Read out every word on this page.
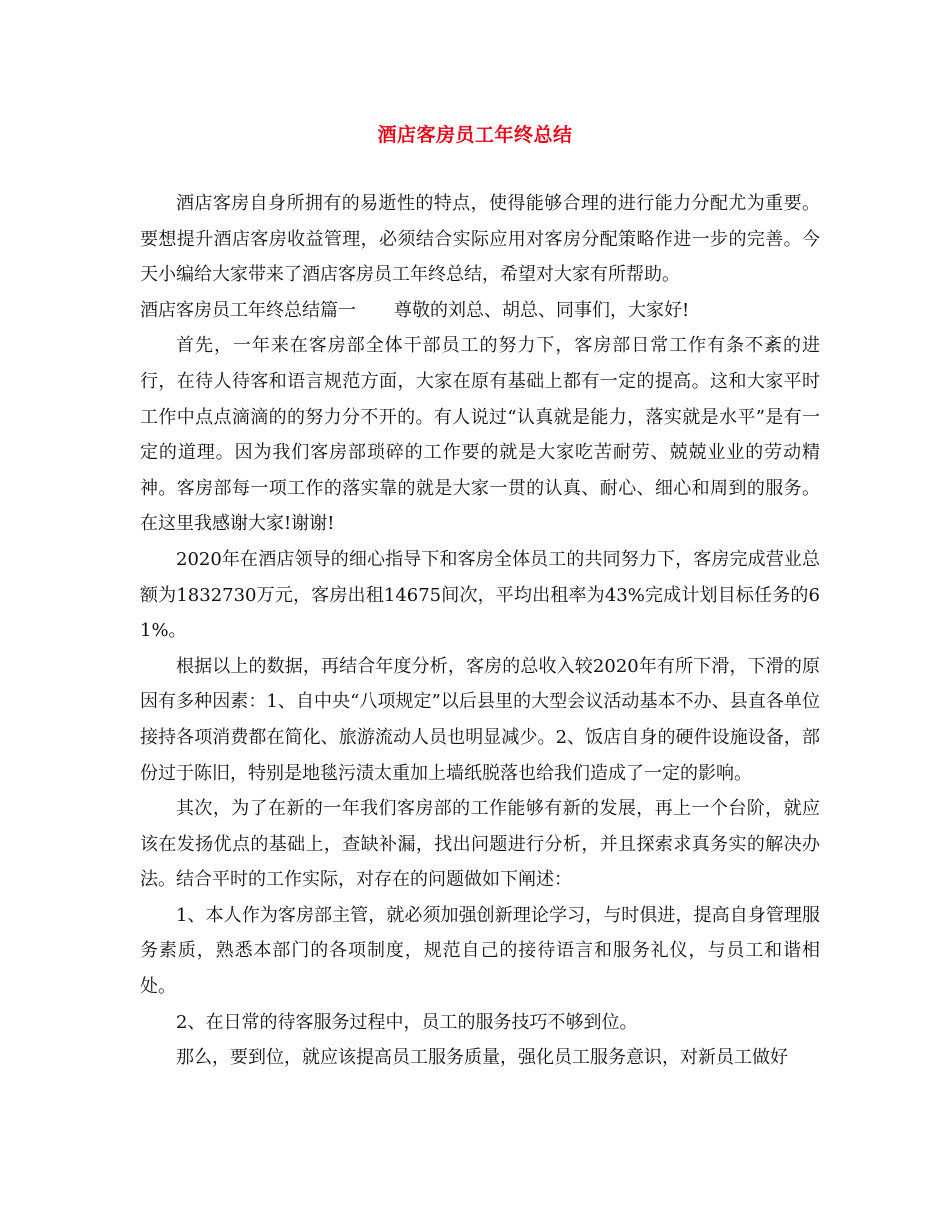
酒店客房员工年终总结

酒店客房自身所拥有的易逝性的特点，使得能够合理的进行能力分配尤为重要。要想提升酒店客房收益管理，必须结合实际应用对客房分配策略作进一步的完善。今天小编给大家带来了酒店客房员工年终总结，希望对大家有所帮助。

酒店客房员工年终总结篇一 尊敬的刘总、胡总、同事们，大家好!

首先，一年来在客房部全体干部员工的努力下，客房部日常工作有条不紊的进行，在待人待客和语言规范方面，大家在原有基础上都有一定的提高。这和大家平时工作中点点滴滴的的努力分不开的。有人说过“认真就是能力，落实就是水平”是有一定的道理。因为我们客房部琐碎的工作要的就是大家吃苦耐劳、兢兢业业的劳动精神。客房部每一项工作的落实靠的就是大家一贯的认真、耐心、细心和周到的服务。在这里我感谢大家!谢谢!

2020年在酒店领导的细心指导下和客房全体员工的共同努力下，客房完成营业总额为1832730万元，客房出租14675间次，平均出租率为43%完成计划目标任务的61%。

根据以上的数据，再结合年度分析，客房的总收入较2020年有所下滑，下滑的原因有多种因素：1、自中央“八项规定”以后县里的大型会议活动基本不办、县直各单位接持各项消费都在简化、旅游流动人员也明显减少。2、饭店自身的硬件设施设备，部份过于陈旧，特别是地毯污渍太重加上墙纸脱落也给我们造成了一定的影响。

其次，为了在新的一年我们客房部的工作能够有新的发展，再上一个台阶，就应该在发扬优点的基础上，查缺补漏，找出问题进行分析，并且探索求真务实的解决办法。结合平时的工作实际，对存在的问题做如下阐述：

1、本人作为客房部主管，就必须加强创新理论学习，与时俱进，提高自身管理服务素质，熟悉本部门的各项制度，规范自己的接待语言和服务礼仪，与员工和谐相处。

2、在日常的待客服务过程中，员工的服务技巧不够到位。

那么，要到位，就应该提高员工服务质量，强化员工服务意识，对新员工做好
